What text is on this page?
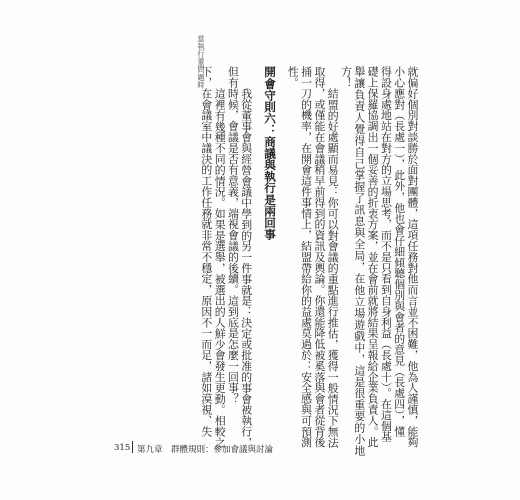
當執行董問題時
就偏好個別對談勝於面對團體，這項任務對他而言並不困難，他為人謹慎，能夠
小心應對（長處一），此外，他也會仔細傾聽個別與會者的意見（長處四），懂
得設身處地站在對方的立場思考，而不是只看到自身利益（長處十）。在這個基
礎上保羅協調出一個妥善的折衷方案，並在會前就將結果呈報給企業負責人。此
舉讓負責人覺得自己掌握了訊息與全局，在他立場遊戲中，這是很重要的小地方！
結盟的好處顯而易見：你可以對會議的重點進行推估，獲得一般情況下無法
取得，或僅能在會議稍早前得到的資訊及輿論。你還能降低被奚落與會者從背後
捅一刀的機率，在開會這件事情上，結盟帶給你的益處莫過於：安全感與可預測
性。
開會守則六：商議與執行是兩回事
我從董事會與經營會議中學到的另一件事就是：決定或批准的事會被執行，
但有時候，會議是否有意義，端視會議的後續。這到底是怎麼一回事？
這裡有幾種不同的情況。如果是選舉，被選出的人鮮少會發生更動。相較之
下，在會議室中議決的工作任務就非常不穩定，原因不一而足，諸如漠視、失
315 第九章　群體規則：參加會議與討論
